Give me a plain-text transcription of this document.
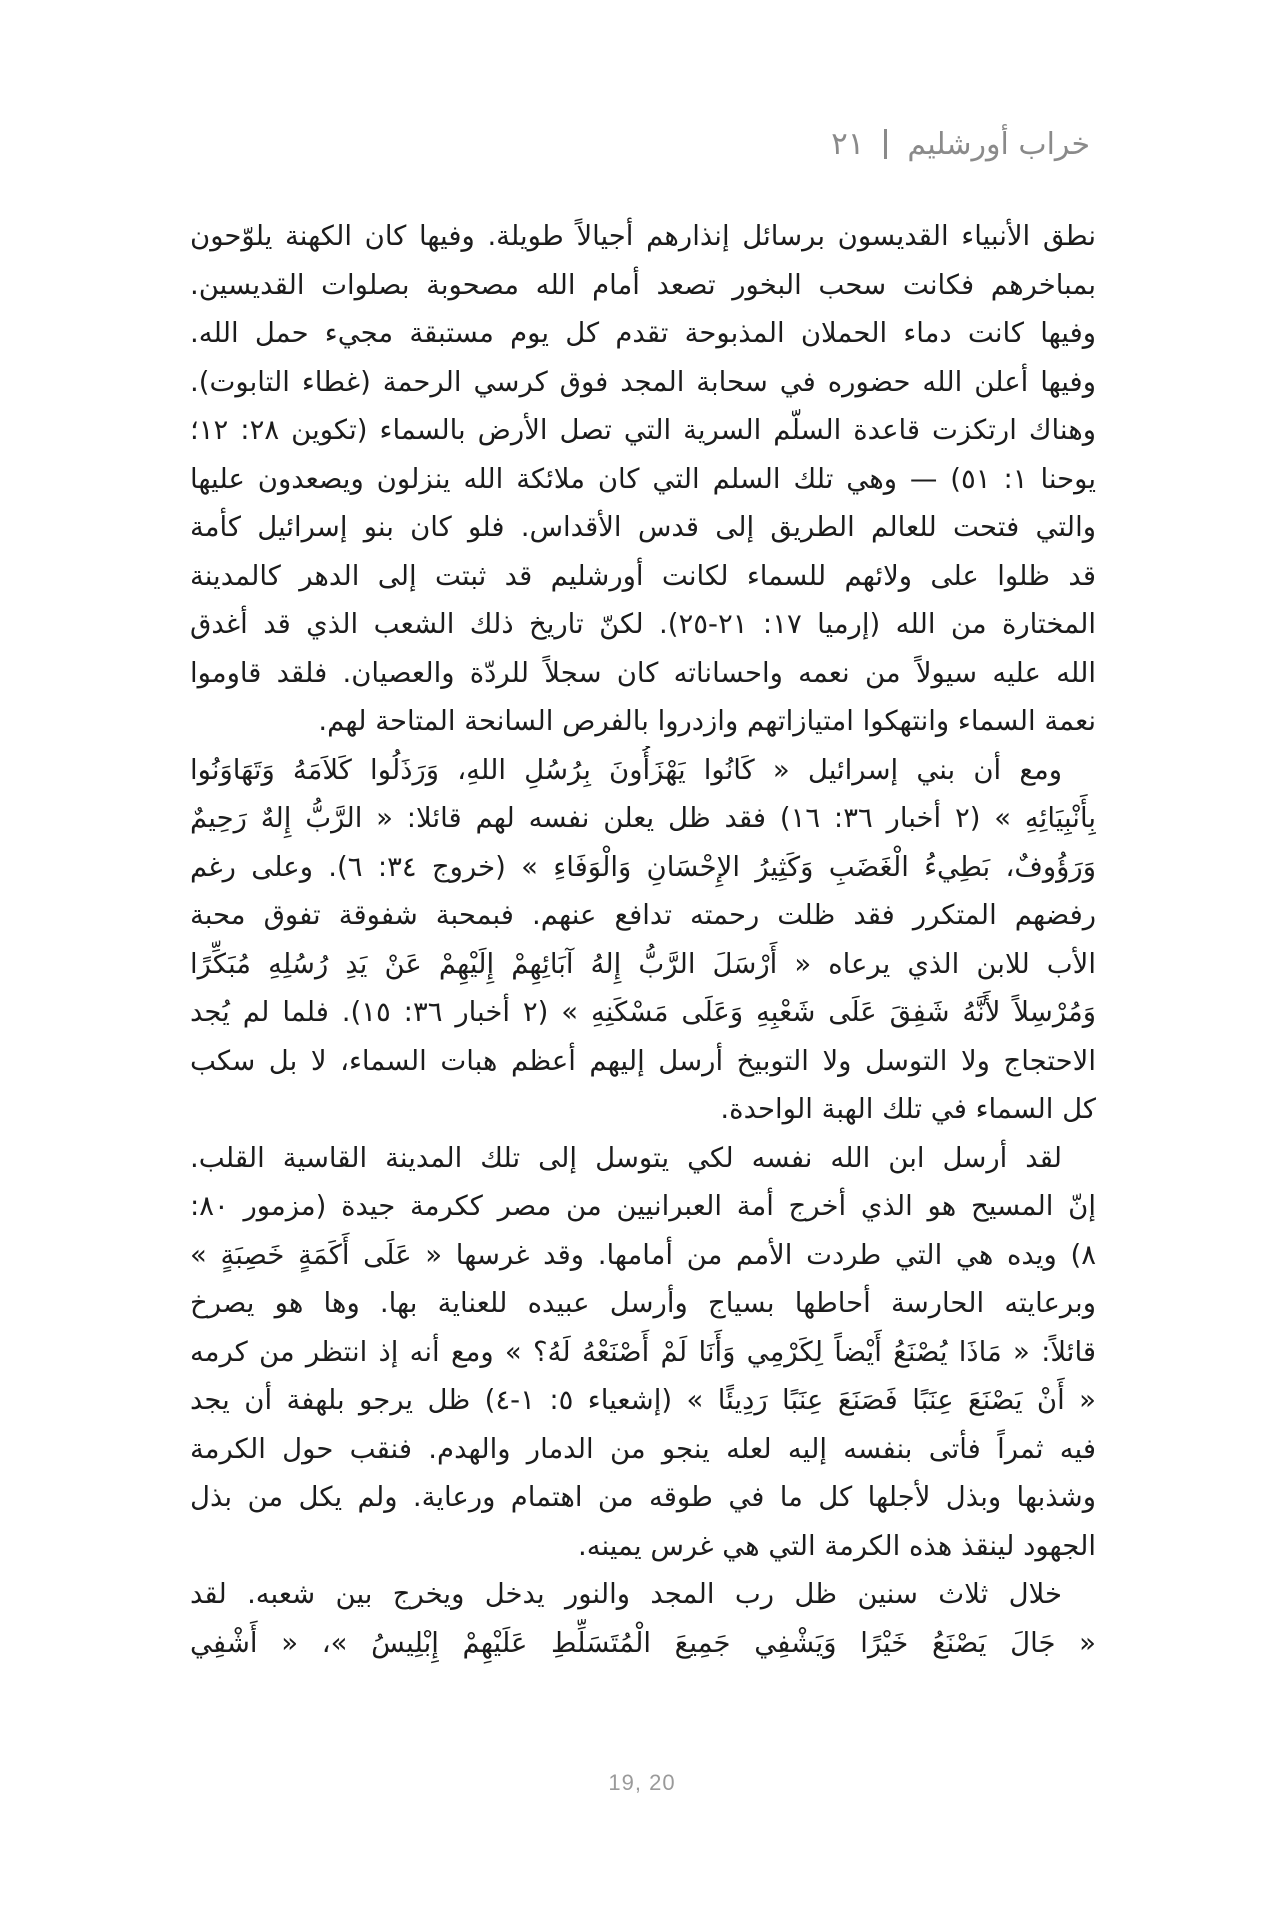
خراب أورشليم
٢١
نطق الأنبياء القديسون برسائل إنذارهم أجيالاً طويلة. وفيها كان الكهنة يلوّحون
بمباخرهم فكانت سحب البخور تصعد أمام الله مصحوبة بصلوات القديسين.
وفيها كانت دماء الحملان المذبوحة تقدم كل يوم مستبقة مجيء حمل الله.
وفيها أعلن الله حضوره في سحابة المجد فوق كرسي الرحمة (غطاء التابوت).
وهناك ارتكزت قاعدة السلّم السرية التي تصل الأرض بالسماء (تكوين ٢٨: ١٢؛
يوحنا ١: ٥١) — وهي تلك السلم التي كان ملائكة الله ينزلون ويصعدون عليها
والتي فتحت للعالم الطريق إلى قدس الأقداس. فلو كان بنو إسرائيل كأمة
قد ظلوا على ولائهم للسماء لكانت أورشليم قد ثبتت إلى الدهر كالمدينة
المختارة من الله (إرميا ١٧: ٢١-٢٥). لكنّ تاريخ ذلك الشعب الذي قد أغدق
الله عليه سيولاً من نعمه واحساناته كان سجلاً للردّة والعصيان. فلقد قاوموا
نعمة السماء وانتهكوا امتيازاتهم وازدروا بالفرص السانحة المتاحة لهم.
ومع أن بني إسرائيل « كَانُوا يَهْزَأُونَ بِرُسُلِ اللهِ، وَرَذَلُوا كَلاَمَهُ وَتَهَاوَنُوا
بِأَنْبِيَائِهِ » (٢ أخبار ٣٦: ١٦) فقد ظل يعلن نفسه لهم قائلا: « الرَّبُّ إِلهٌ رَحِيمٌ
وَرَؤُوفٌ، بَطِيءُ الْغَضَبِ وَكَثِيرُ الإِحْسَانِ وَالْوَفَاءِ » (خروج ٣٤: ٦). وعلى رغم
رفضهم المتكرر فقد ظلت رحمته تدافع عنهم. فبمحبة شفوقة تفوق محبة
الأب للابن الذي يرعاه « أَرْسَلَ الرَّبُّ إِلهُ آبَائِهِمْ إِلَيْهِمْ عَنْ يَدِ رُسُلِهِ مُبَكِّرًا
وَمُرْسِلاً لأَنَّهُ شَفِقَ عَلَى شَعْبِهِ وَعَلَى مَسْكَنِهِ » (٢ أخبار ٣٦: ١٥). فلما لم يُجد
الاحتجاج ولا التوسل ولا التوبيخ أرسل إليهم أعظم هبات السماء، لا بل سكب
كل السماء في تلك الهبة الواحدة.
لقد أرسل ابن الله نفسه لكي يتوسل إلى تلك المدينة القاسية القلب.
إنّ المسيح هو الذي أخرج أمة العبرانيين من مصر ككرمة جيدة (مزمور ٨٠:
٨) ويده هي التي طردت الأمم من أمامها. وقد غرسها « عَلَى أَكَمَةٍ خَصِبَةٍ »
وبرعايته الحارسة أحاطها بسياج وأرسل عبيده للعناية بها. وها هو يصرخ
قائلاً: « مَاذَا يُصْنَعُ أَيْضاً لِكَرْمِي وَأَنَا لَمْ أَصْنَعْهُ لَهُ؟ » ومع أنه إذ انتظر من كرمه
« أَنْ يَصْنَعَ عِنَبًا فَصَنَعَ عِنَبًا رَدِيئًا » (إشعياء ٥: ١-٤) ظل يرجو بلهفة أن يجد
فيه ثمراً فأتى بنفسه إليه لعله ينجو من الدمار والهدم. فنقب حول الكرمة
وشذبها وبذل لأجلها كل ما في طوقه من اهتمام ورعاية. ولم يكل من بذل
الجهود لينقذ هذه الكرمة التي هي غرس يمينه.
خلال ثلاث سنين ظل رب المجد والنور يدخل ويخرج بين شعبه. لقد
« جَالَ يَصْنَعُ خَيْرًا وَيَشْفِي جَمِيعَ الْمُتَسَلِّطِ عَلَيْهِمْ إِبْلِيسُ »، « أَشْفِي
19, 20
